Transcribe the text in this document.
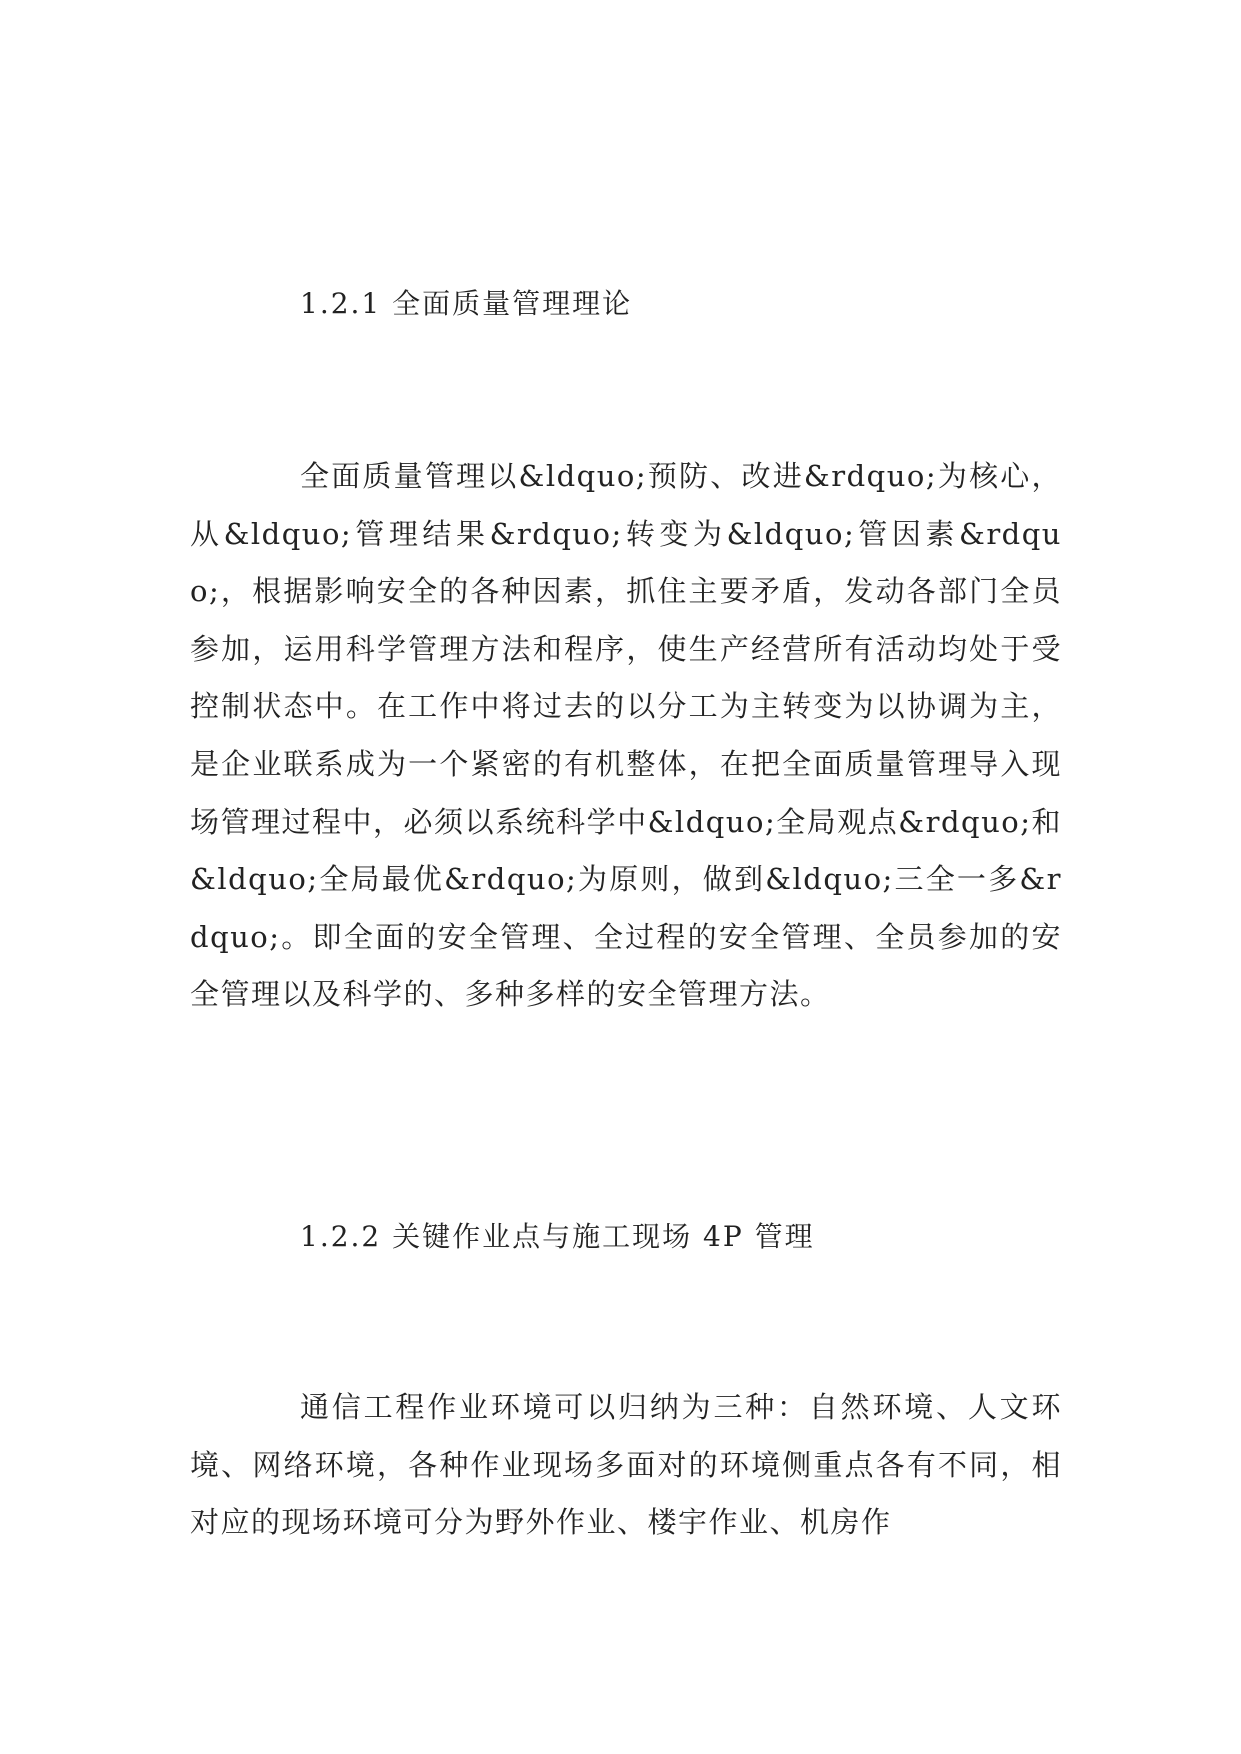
1.2.1 全面质量管理理论

全面质量管理以&ldquo;预防、改进&rdquo;为核心，从&ldquo;管理结果&rdquo;转变为&ldquo;管因素&rdquo;，根据影响安全的各种因素，抓住主要矛盾，发动各部门全员参加，运用科学管理方法和程序，使生产经营所有活动均处于受控制状态中。在工作中将过去的以分工为主转变为以协调为主，是企业联系成为一个紧密的有机整体，在把全面质量管理导入现场管理过程中，必须以系统科学中&ldquo;全局观点&rdquo;和&ldquo;全局最优&rdquo;为原则，做到&ldquo;三全一多&rdquo;。即全面的安全管理、全过程的安全管理、全员参加的安全管理以及科学的、多种多样的安全管理方法。

1.2.2 关键作业点与施工现场 4P 管理

通信工程作业环境可以归纳为三种：自然环境、人文环境、网络环境，各种作业现场多面对的环境侧重点各有不同，相对应的现场环境可分为野外作业、楼宇作业、机房作
